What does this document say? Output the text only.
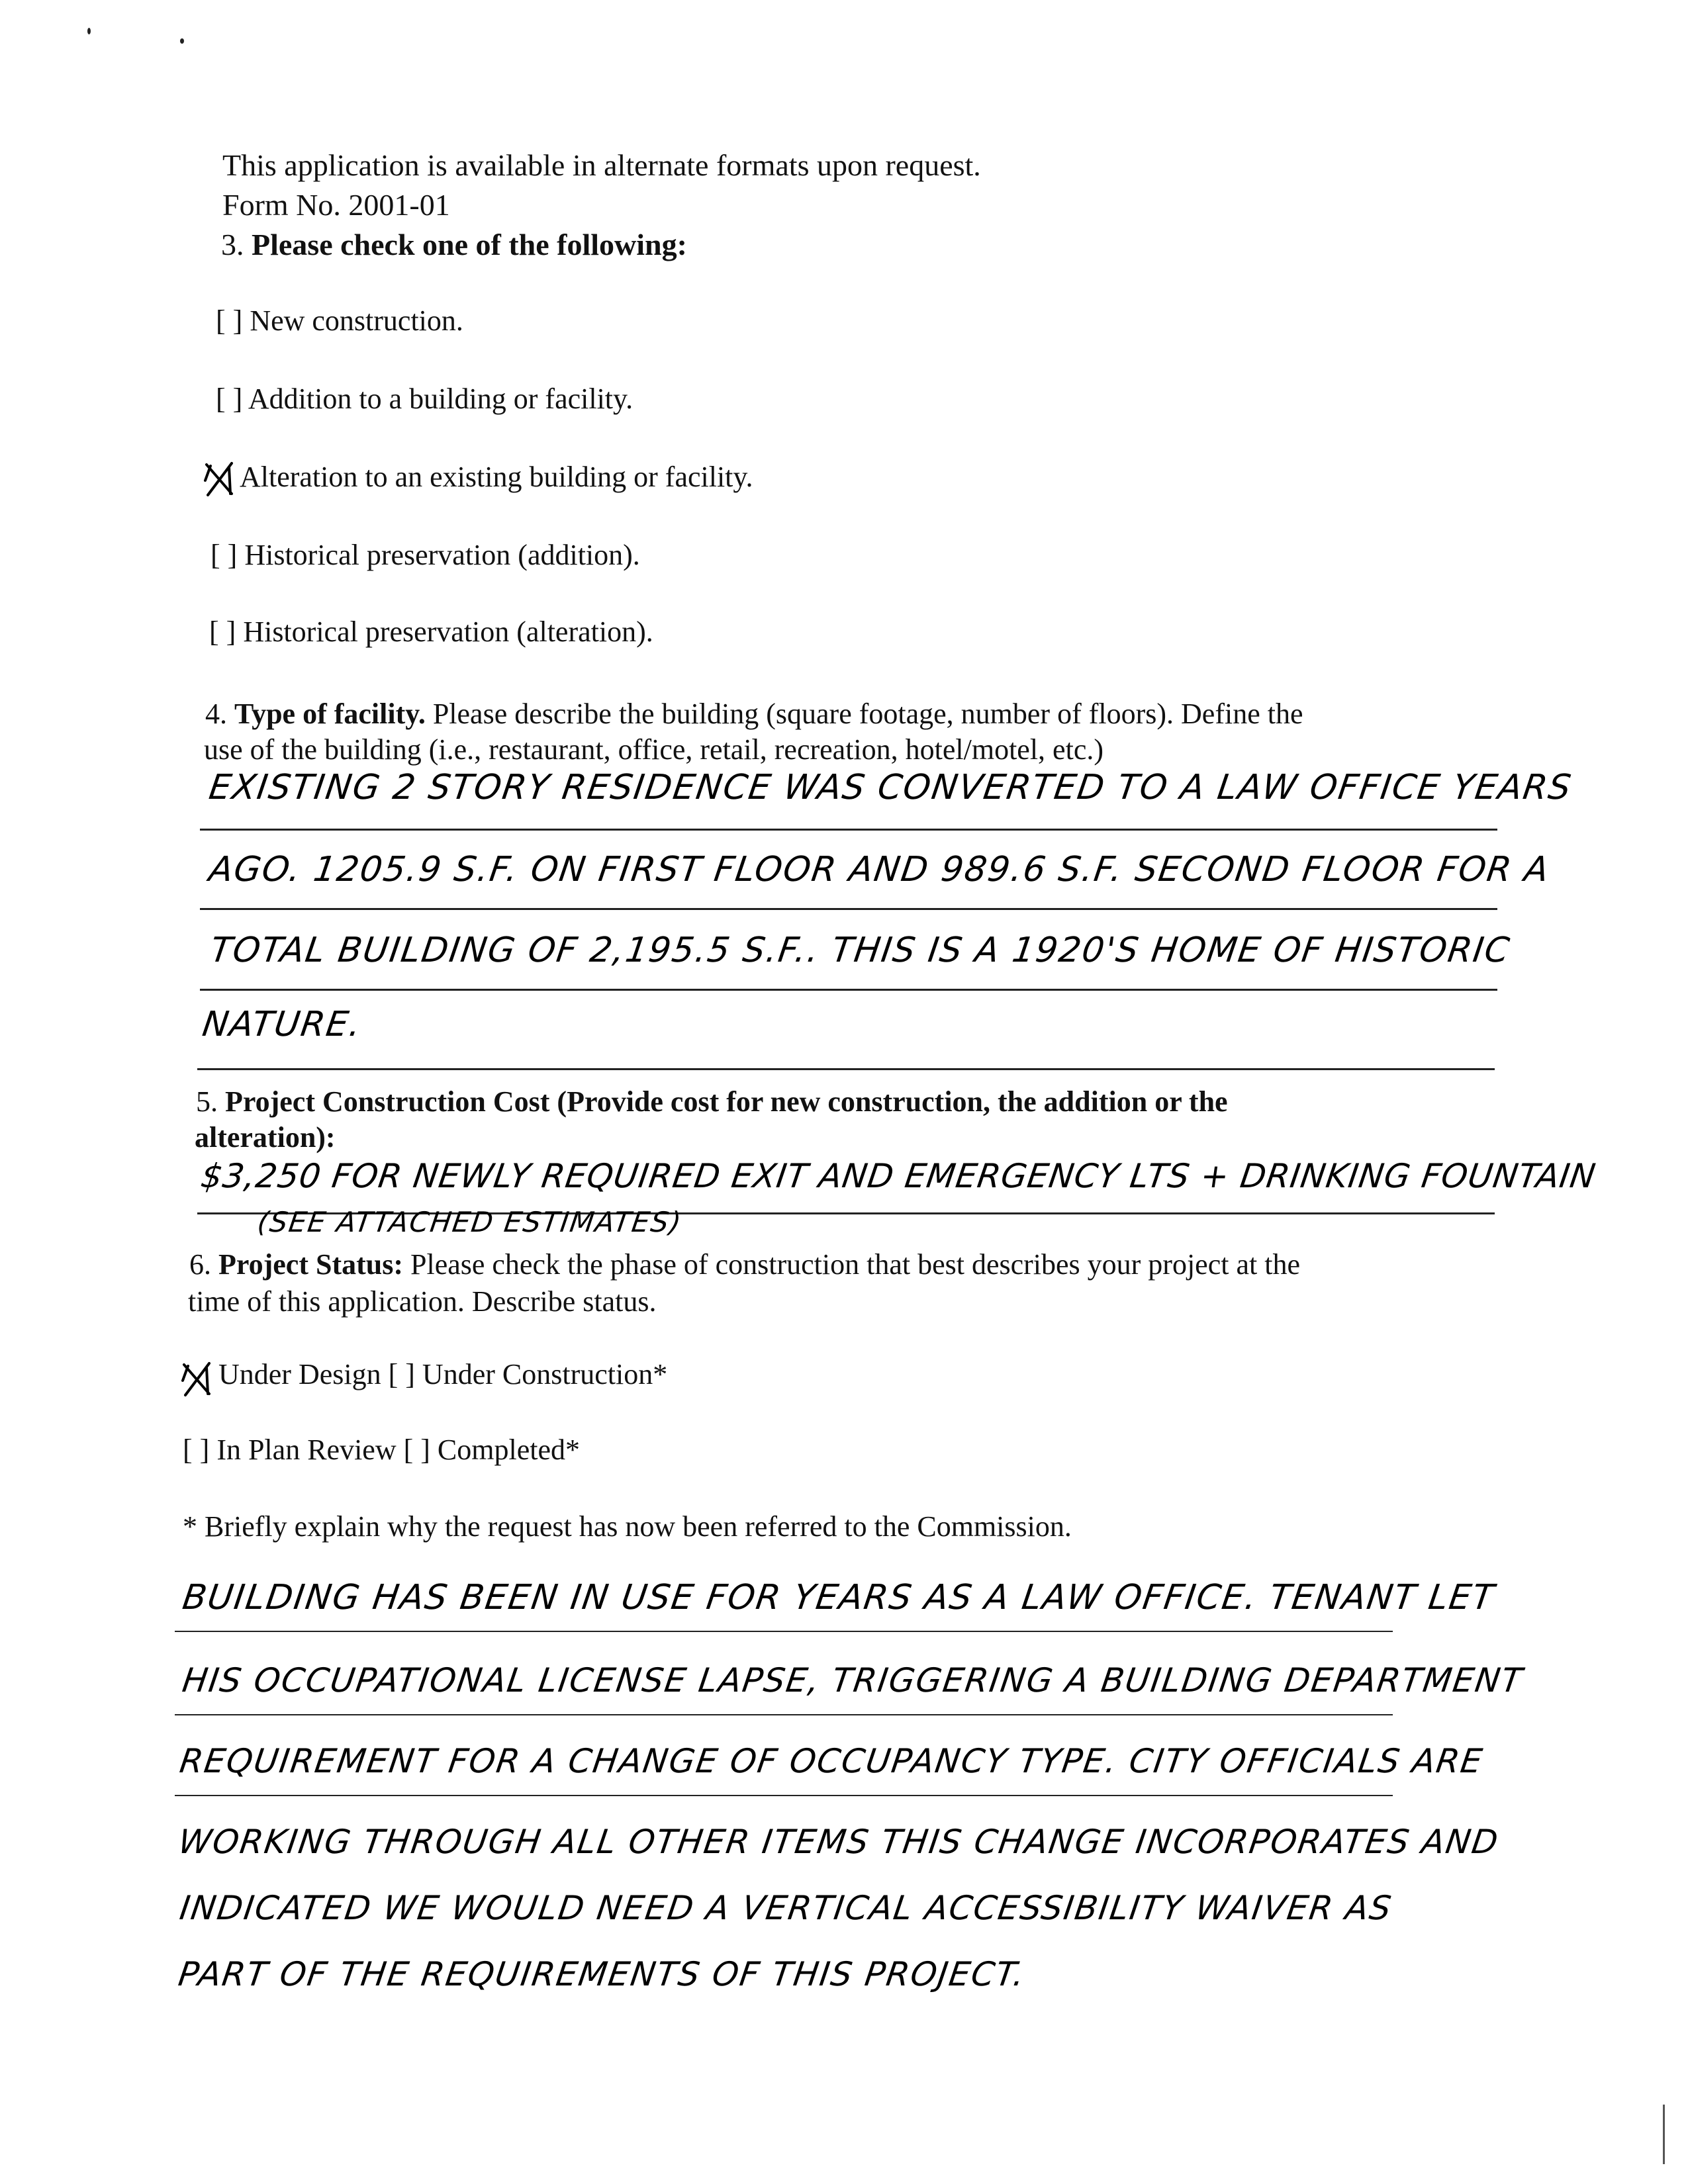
This application is available in alternate formats upon request.
Form No. 2001-01
3. Please check one of the following:
[ ] New construction.
[ ] Addition to a building or facility.
Alteration to an existing building or facility.
[ ] Historical preservation (addition).
[ ] Historical preservation (alteration).
4. Type of facility. Please describe the building (square footage, number of floors). Define the
use of the building (i.e., restaurant, office, retail, recreation, hotel/motel, etc.)
EXISTING 2 STORY RESIDENCE WAS CONVERTED TO A LAW OFFICE YEARS
AGO. 1205.9 S.F. ON FIRST FLOOR AND 989.6 S.F. SECOND FLOOR FOR A
TOTAL BUILDING OF 2,195.5 S.F.. THIS IS A 1920'S HOME OF HISTORIC
NATURE.
5. Project Construction Cost (Provide cost for new construction, the addition or the
alteration):
$3,250 FOR NEWLY REQUIRED EXIT AND EMERGENCY LTS + DRINKING FOUNTAIN
(SEE ATTACHED ESTIMATES)
6. Project Status: Please check the phase of construction that best describes your project at the
time of this application. Describe status.
Under Design [ ] Under Construction*
[ ] In Plan Review [ ] Completed*
* Briefly explain why the request has now been referred to the Commission.
BUILDING HAS BEEN IN USE FOR YEARS AS A LAW OFFICE. TENANT LET
HIS OCCUPATIONAL LICENSE LAPSE, TRIGGERING A BUILDING DEPARTMENT
REQUIREMENT FOR A CHANGE OF OCCUPANCY TYPE. CITY OFFICIALS ARE
WORKING THROUGH ALL OTHER ITEMS THIS CHANGE INCORPORATES AND
INDICATED WE WOULD NEED A VERTICAL ACCESSIBILITY WAIVER AS
PART OF THE REQUIREMENTS OF THIS PROJECT.
